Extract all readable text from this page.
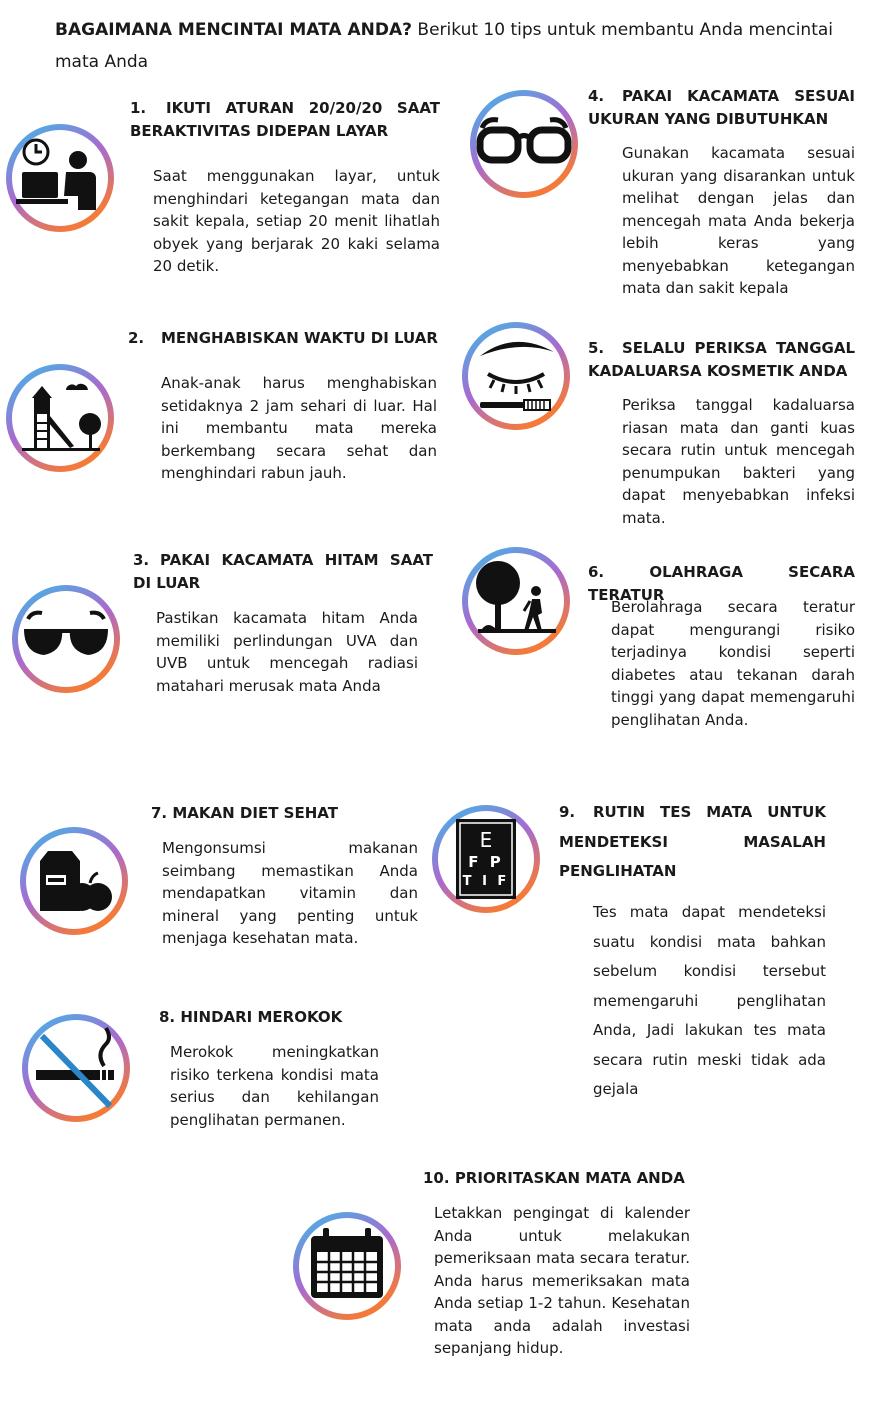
BAGAIMANA MENCINTAI MATA ANDA? Berikut 10 tips untuk membantu Anda mencintai mata Anda
1. IKUTI ATURAN 20/20/20 SAAT BERAKTIVITAS DIDEPAN LAYAR
Saat menggunakan layar, untuk menghindari ketegangan mata dan sakit kepala, setiap 20 menit lihatlah obyek yang berjarak 20 kaki selama 20 detik.
2. MENGHABISKAN WAKTU DI LUAR
Anak-anak harus menghabiskan setidaknya 2 jam sehari di luar. Hal ini membantu mata mereka berkembang secara sehat dan menghindari rabun jauh.
3. PAKAI KACAMATA HITAM SAAT DI LUAR
Pastikan kacamata hitam Anda memiliki perlindungan UVA dan UVB untuk mencegah radiasi matahari merusak mata Anda
4. PAKAI KACAMATA SESUAI UKURAN YANG DIBUTUHKAN
Gunakan kacamata sesuai ukuran yang disarankan untuk melihat dengan jelas dan mencegah mata Anda bekerja lebih keras yang menyebabkan ketegangan mata dan sakit kepala
5. SELALU PERIKSA TANGGAL KADALUARSA KOSMETIK ANDA
Periksa tanggal kadaluarsa riasan mata dan ganti kuas secara rutin untuk mencegah penumpukan bakteri yang dapat menyebabkan infeksi mata.
6.	OLAHRAGA SECARA TERATUR
Berolahraga secara teratur dapat mengurangi risiko terjadinya kondisi seperti diabetes atau tekanan darah tinggi yang dapat memengaruhi penglihatan Anda.
7. MAKAN DIET SEHAT
Mengonsumsi makanan seimbang memastikan Anda mendapatkan vitamin dan mineral yang penting untuk menjaga kesehatan mata.
8. HINDARI MEROKOK
Merokok meningkatkan risiko terkena kondisi mata serius dan kehilangan penglihatan permanen.
E
F P
T I F
9. RUTIN TES MATA UNTUK MENDETEKSI MASALAH PENGLIHATAN
Tes mata dapat mendeteksi suatu kondisi mata bahkan sebelum kondisi tersebut memengaruhi penglihatan Anda, Jadi lakukan tes mata secara rutin meski tidak ada gejala
10. PRIORITASKAN MATA ANDA
Letakkan pengingat di kalender Anda untuk melakukan pemeriksaan mata secara teratur. Anda harus memeriksakan mata Anda setiap 1-2 tahun. Kesehatan mata anda adalah investasi sepanjang hidup.
